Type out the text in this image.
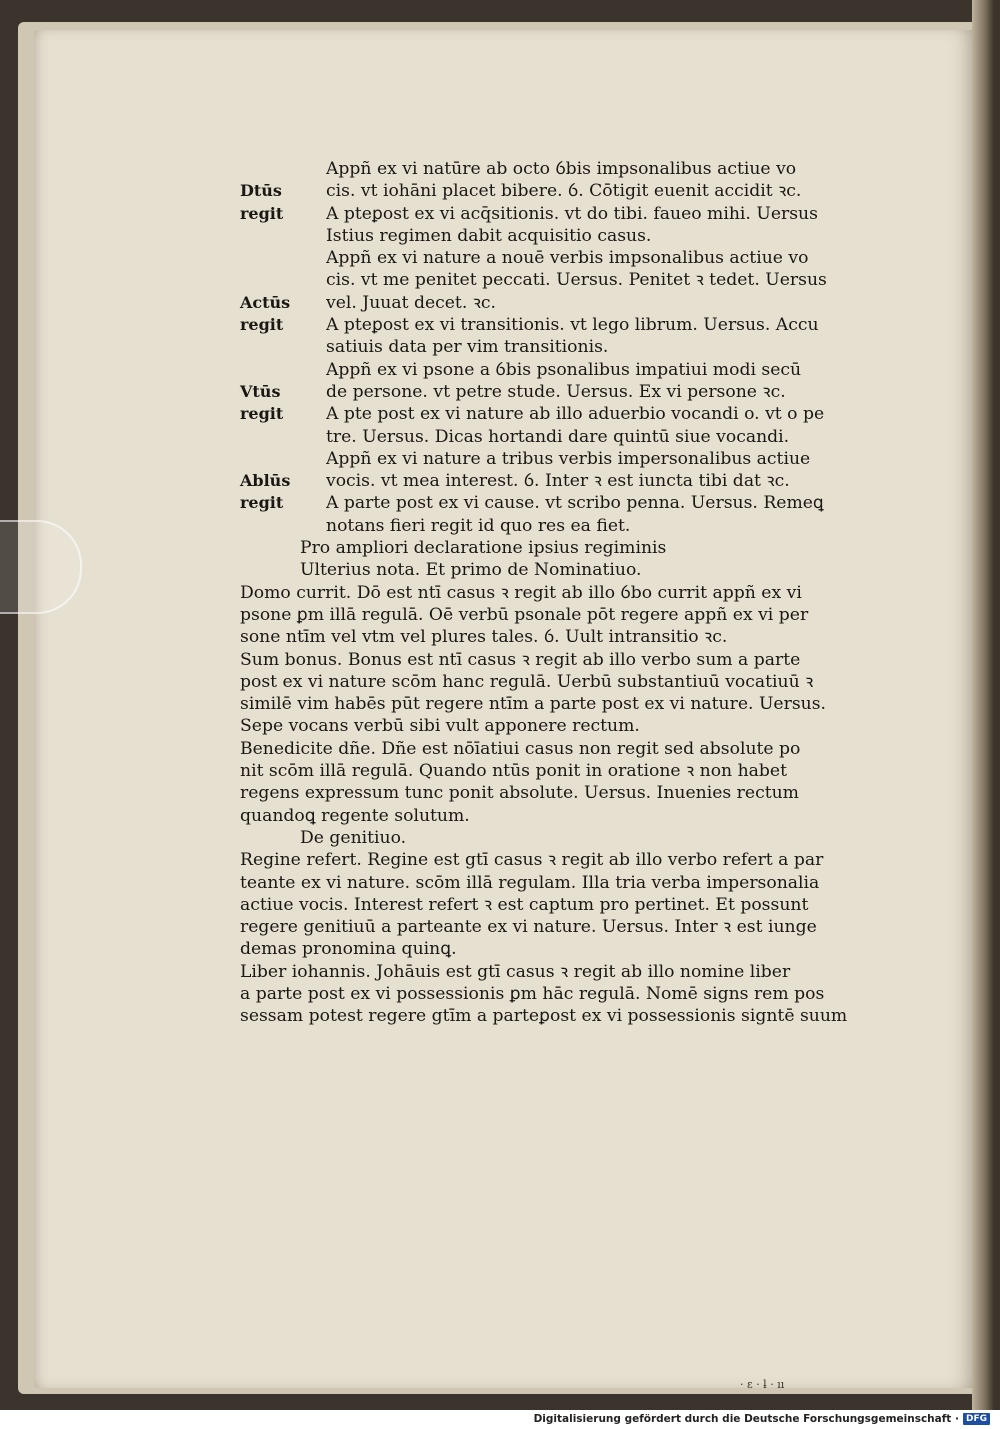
Appñ ex vi natūre ab octo ỽbis impsonalibus actiue vo
Dtūs	cis. vt iohāni placet bibere. ỽ. Cōtigit euenit accidit ꝛc.
regit	A pteꝑost ex vi acq̄sitionis. vt do tibi. faueo mihi. Uersus
Istius regimen dabit acquisitio casus.
Appñ ex vi nature a nouē verbis impsonalibus actiue vo
cis. vt me penitet peccati. Uersus. Penitet ꝛ tedet. Uersus
Actūs	vel. Juuat decet. ꝛc.
regit	A pteꝑost ex vi transitionis. vt lego librum. Uersus. Accu
satiuis data per vim transitionis.
Appñ ex vi psone a ỽbis psonalibus impatiui modi secū
Vtūs	de persone. vt petre stude. Uersus. Ex vi persone ꝛc.
regit	A pte post ex vi nature ab illo aduerbio vocandi o. vt o pe
tre. Uersus. Dicas hortandi dare quintū siue vocandi.
Appñ ex vi nature a tribus verbis impersonalibus actiue
Ablūs	vocis. vt mea interest. ỽ. Inter ꝛ est iuncta tibi dat ꝛc.
regit	A parte post ex vi cause. vt scribo penna. Uersus. Remeꝗ
notans fieri regit id quo res ea fiet.
Pro ampliori declaratione ipsius regiminis
Ulterius nota. Et primo de Nominatiuo.
Domo currit. Dō est ntī casus ꝛ regit ab illo ỽbo currit appñ ex vi
psone ꝑm illā regulā. Oē verbū psonale pōt regere appñ ex vi per
sone ntīm vel vtm vel plures tales. ỽ. Uult intransitio ꝛc.
Sum bonus. Bonus est ntī casus ꝛ regit ab illo verbo sum a parte
post ex vi nature scōm hanc regulā. Uerbū substantiuū vocatiuū ꝛ
similē vim habēs pūt regere ntīm a parte post ex vi nature. Uersus.
Sepe vocans verbū sibi vult apponere rectum.
Benedicite dñe. Dñe est nōīatiui casus non regit sed absolute po
nit scōm illā regulā. Quando ntūs ponit in oratione ꝛ non habet
regens expressum tunc ponit absolute. Uersus. Inuenies rectum
quandoꝗ regente solutum.
De genitiuo.
Regine refert. Regine est gtī casus ꝛ regit ab illo verbo refert a par
teante ex vi nature. scōm illā regulam. Illa tria verba impersonalia
actiue vocis. Interest refert ꝛ est captum pro pertinet. Et possunt
regere genitiuū a parteante ex vi nature. Uersus. Inter ꝛ est iunge
demas pronomina quinꝗ.
Liber iohannis. Johāuis est gtī casus ꝛ regit ab illo nomine liber
a parte post ex vi possessionis ꝑm hāc regulā. Nomē signs rem pos
sessam potest regere gtīm a parteꝑost ex vi possessionis signtē suum
· ɛ · ƚ · ıı
Digitalisierung gefördert durch die Deutsche Forschungsgemeinschaft · DFG
